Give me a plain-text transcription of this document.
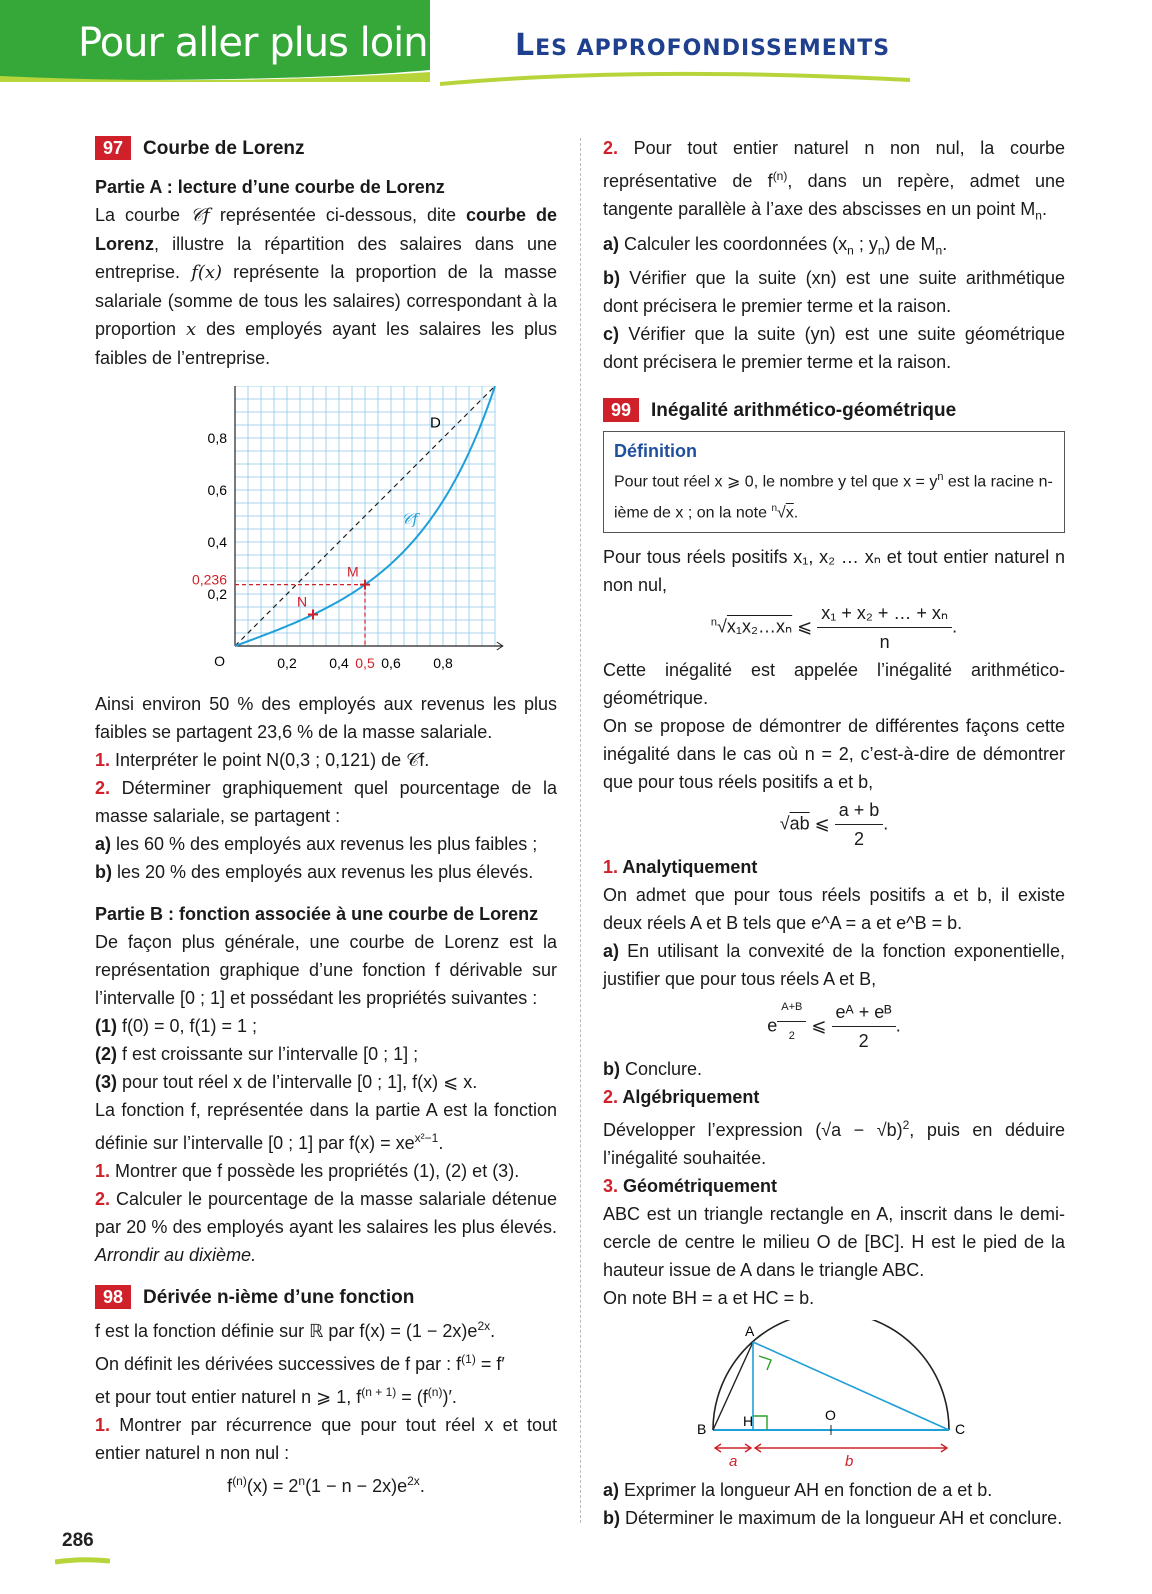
Pour aller plus loin	LES APPROFONDISSEMENTS
97 Courbe de Lorenz

Partie A : lecture d’une courbe de Lorenz

La courbe 𝒞f représentée ci-dessous, dite courbe de Lorenz, illustre la répartition des salaires dans une entreprise. f(x) représente la proportion de la masse salariale (somme de tous les salaires) correspondant à la proportion x des employés ayant les salaires les plus faibles de l’entreprise.

0,2 0,4 0,6 0,8
0,2
0,4
0,6
0,8
O
D
𝒞f
0,236
0,5
N
M

Ainsi environ 50 % des employés aux revenus les plus faibles se partagent 23,6 % de la masse salariale.

1. Interpréter le point N(0,3 ; 0,121) de 𝒞f.

2. Déterminer graphiquement quel pourcentage de la masse salariale, se partagent :

a) les 60 % des employés aux revenus les plus faibles ;

b) les 20 % des employés aux revenus les plus élevés.

Partie B : fonction associée à une courbe de Lorenz

De façon plus générale, une courbe de Lorenz est la représentation graphique d’une fonction f dérivable sur l’intervalle [0 ; 1] et possédant les propriétés suivantes :

(1) f(0) = 0, f(1) = 1 ;

(2) f est croissante sur l’intervalle [0 ; 1] ;

(3) pour tout réel x de l’intervalle [0 ; 1], f(x) ⩽ x.

La fonction f, représentée dans la partie A est la fonction définie sur l’intervalle [0 ; 1] par $f(x) = xe^{x^2-1}$.

1. Montrer que f possède les propriétés (1), (2) et (3).

2. Calculer le pourcentage de la masse salariale détenue par 20 % des employés ayant les salaires les plus élevés. Arrondir au dixième.

98 Dérivée n-ième d’une fonction

f est la fonction définie sur ℝ par $f(x) = (1 - 2x)e^{2x}$.

On définit les dérivées successives de f par : $f^{(1)} = f'$

et pour tout entier naturel n ⩾ 1, $f^{(n + 1)} = (f^{(n)})'$.

1. Montrer par récurrence que pour tout réel x et tout entier naturel n non nul :

$f^{(n)}(x) = 2^n(1 - n - 2x)e^{2x}$.

2. Pour tout entier naturel n non nul, la courbe représentative de $f^{(n)}$, dans un repère, admet une tangente parallèle à l’axe des abscisses en un point $M_n$.

a) Calculer les coordonnées ($x_n$ ; $y_n$) de $M_n$.

b) Vérifier que la suite (xn) est une suite arithmétique dont précisera le premier terme et la raison.

c) Vérifier que la suite (yn) est une suite géométrique dont précisera le premier terme et la raison.

99 Inégalité arithmético-géométrique
Définition
Pour tout réel x ⩾ 0, le nombre y tel que $x = y^n$ est la racine n-ième de x ; on la note $^n$√x.

Pour tous réels positifs x₁, x₂ … xₙ et tout entier naturel n non nul,

$^n$√x₁x₂…xₙ ⩽ $\frac{\text{x₁ + x₂ + … + xₙ}}{n}$ .

Cette inégalité est appelée l’inégalité arithmético-géométrique.

On se propose de démontrer de différentes façons cette inégalité dans le cas où n = 2, c’est-à-dire de démontrer que pour tous réels positifs a et b,

√ab ⩽ $\frac{a + b}{2}$ .

1. Analytiquement

On admet que pour tous réels positifs a et b, il existe deux réels A et B tels que e^A = a et e^B = b.

a) En utilisant la convexité de la fonction exponentielle, justifier que pour tous réels A et B,

e $^{\frac{A+B}{2}}$ ⩽ $\frac{\text{eᴬ + eᴮ}}{2}$ .

b) Conclure.

2. Algébriquement

Développer l’expression $(√a - √b)^2$, puis en déduire l’inégalité souhaitée.

3. Géométriquement

ABC est un triangle rectangle en A, inscrit dans le demi-cercle de centre le milieu O de [BC]. H est le pied de la hauteur issue de A dans le triangle ABC.

On note BH = a et HC = b.

A
B	C
H	O
a	b

a) Exprimer la longueur AH en fonction de a et b.

b) Déterminer le maximum de la longueur AH et conclure.

286
